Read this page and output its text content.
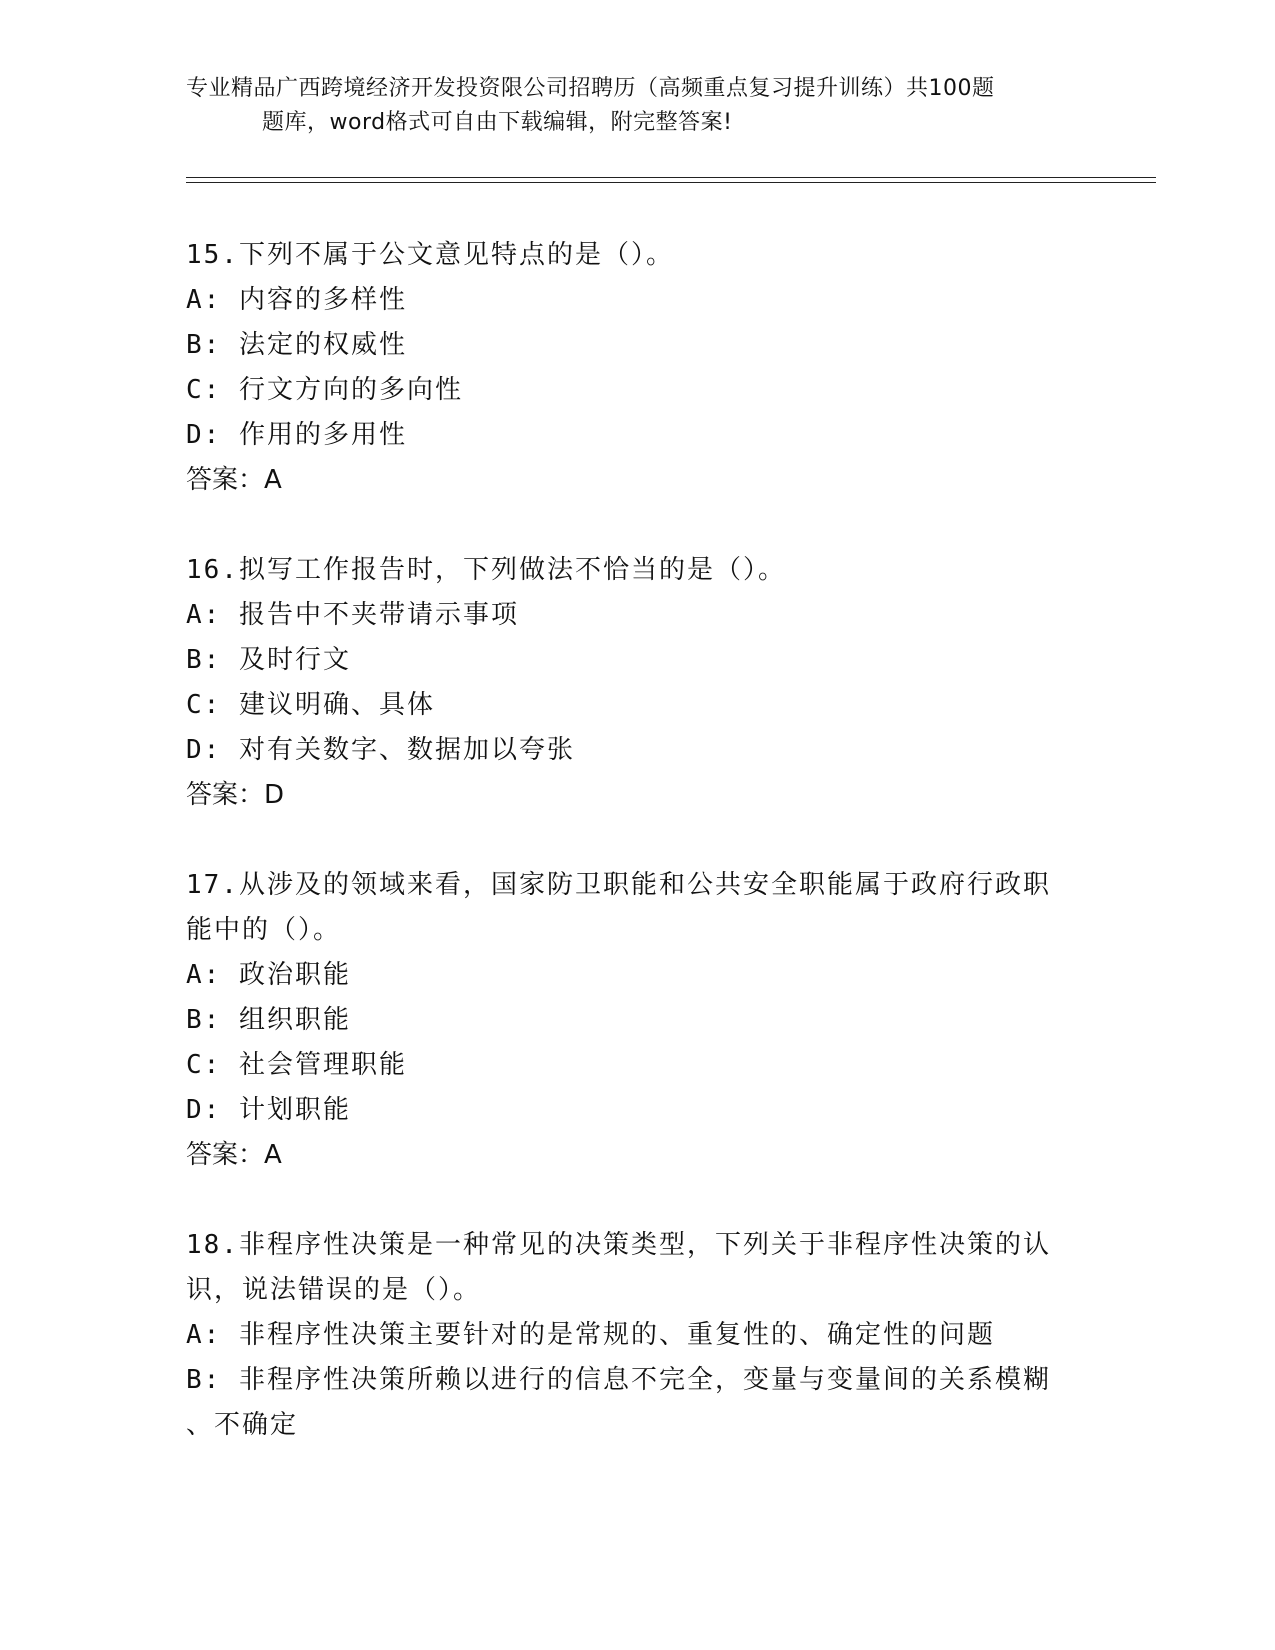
专业精品广西跨境经济开发投资限公司招聘历（高频重点复习提升训练）共100题
题库，word格式可自由下载编辑，附完整答案!
15.下列不属于公文意见特点的是（）。
A: 内容的多样性
B: 法定的权威性
C: 行文方向的多向性
D: 作用的多用性
答案：A
16.拟写工作报告时，下列做法不恰当的是（）。
A: 报告中不夹带请示事项
B: 及时行文
C: 建议明确、具体
D: 对有关数字、数据加以夸张
答案：D
17.从涉及的领域来看，国家防卫职能和公共安全职能属于政府行政职
能中的（）。
A: 政治职能
B: 组织职能
C: 社会管理职能
D: 计划职能
答案：A
18.非程序性决策是一种常见的决策类型，下列关于非程序性决策的认
识，说法错误的是（）。
A: 非程序性决策主要针对的是常规的、重复性的、确定性的问题
B: 非程序性决策所赖以进行的信息不完全，变量与变量间的关系模糊
、不确定
